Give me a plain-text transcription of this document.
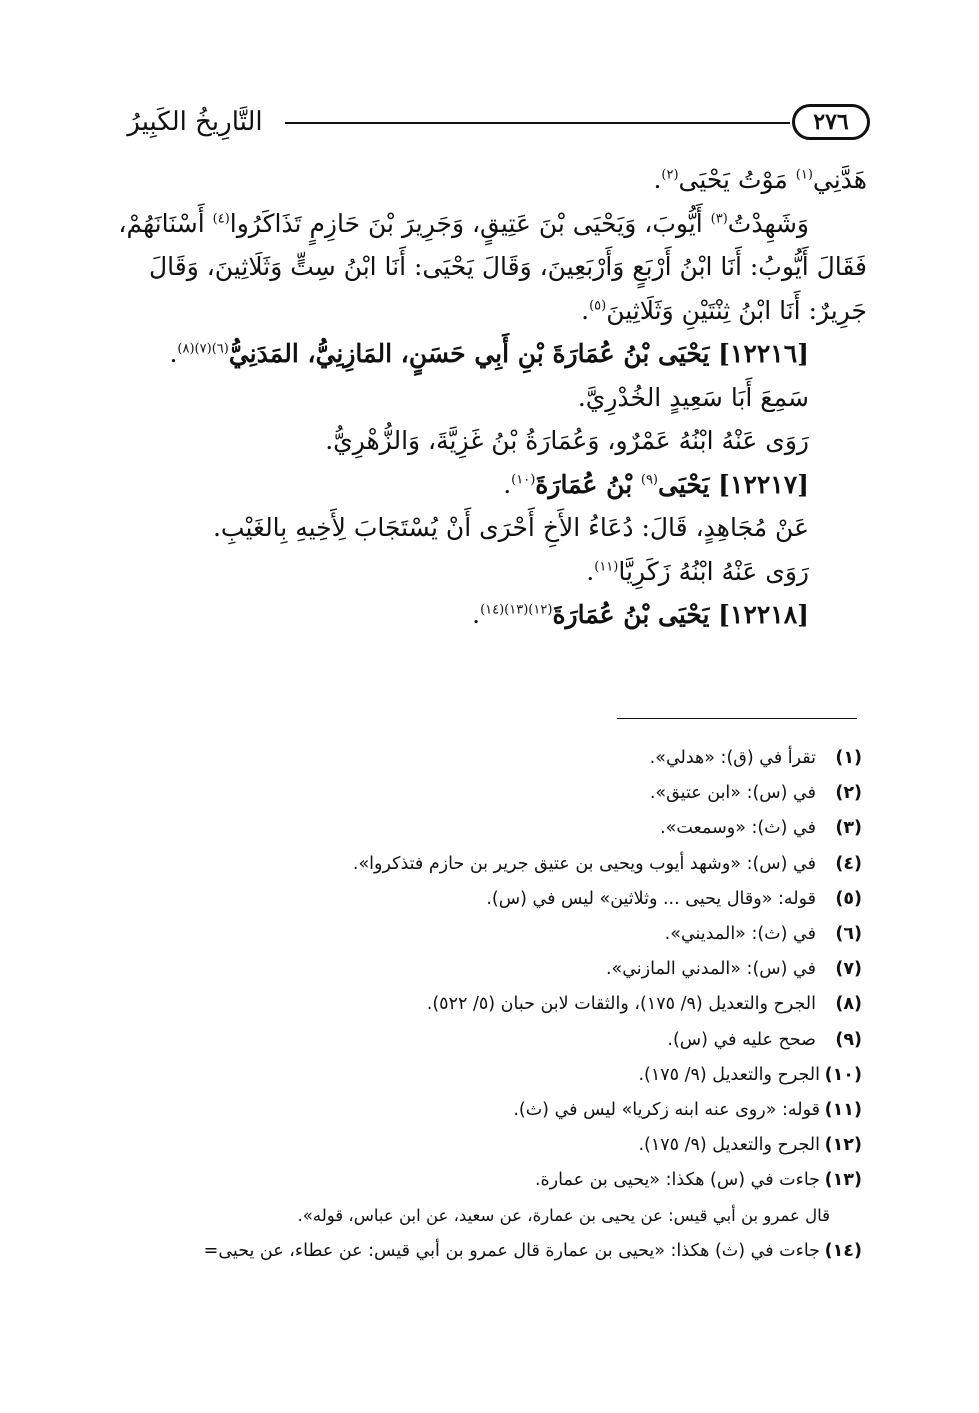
٢٧٦
التَّارِيخُ الكَبِيرُ
هَدَّنِي$^{(١)}$ مَوْتُ يَحْيَى$^{(٢)}$.
وَشَهِدْتُ$^{(٣)}$ أَيُّوبَ، وَيَحْيَى بْنَ عَتِيقٍ، وَجَرِيرَ بْنَ حَازِمٍ تَذَاكَرُوا$^{(٤)}$ أَسْنَانَهُمْ،
فَقَالَ أَيُّوبُ: أَنَا ابْنُ أَرْبَعٍ وَأَرْبَعِينَ، وَقَالَ يَحْيَى: أَنَا ابْنُ سِتٍّ وَثَلَاثِينَ، وَقَالَ
جَرِيرٌ: أَنَا ابْنُ ثِنْتَيْنِ وَثَلَاثِينَ$^{(٥)}$.
[١٢٢١٦] يَحْيَى بْنُ عُمَارَةَ بْنِ أَبِي حَسَنٍ، المَازِنِيُّ، المَدَنِيُّ$^{(٦)(٧)(٨)}$.
سَمِعَ أَبَا سَعِيدٍ الخُدْرِيَّ.
رَوَى عَنْهُ ابْنُهُ عَمْرٌو، وَعُمَارَةُ بْنُ غَزِيَّةَ، وَالزُّهْرِيُّ.
[١٢٢١٧] يَحْيَى$^{(٩)}$ بْنُ عُمَارَةَ$^{(١٠)}$.
عَنْ مُجَاهِدٍ، قَالَ: دُعَاءُ الأَخِ أَحْرَى أَنْ يُسْتَجَابَ لِأَخِيهِ بِالغَيْبِ.
رَوَى عَنْهُ ابْنُهُ زَكَرِيَّا$^{(١١)}$.
[١٢٢١٨] يَحْيَى بْنُ عُمَارَةَ$^{(١٢)(١٣)(١٤)}$.
(١)تقرأ في (ق): «هدلي».
(٢)في (س): «ابن عتيق».
(٣)في (ث): «وسمعت».
(٤)في (س): «وشهد أيوب ويحيى بن عتيق جرير بن حازم فتذكروا».
(٥)قوله: «وقال يحيى ... وثلاثين» ليس في (س).
(٦)في (ث): «المديني».
(٧)في (س): «المدني المازني».
(٨)الجرح والتعديل (٩/ ١٧٥)، والثقات لابن حبان (٥/ ٥٢٢).
(٩)صحح عليه في (س).
(١٠)الجرح والتعديل (٩/ ١٧٥).
(١١)قوله: «روى عنه ابنه زكريا» ليس في (ث).
(١٢)الجرح والتعديل (٩/ ١٧٥).
(١٣)جاءت في (س) هكذا: «يحيى بن عمارة.
قال عمرو بن أبي قيس: عن يحيى بن عمارة، عن سعيد، عن ابن عباس، قوله».
(١٤)جاءت في (ث) هكذا: «يحيى بن عمارة قال عمرو بن أبي قيس: عن عطاء، عن يحيى=
